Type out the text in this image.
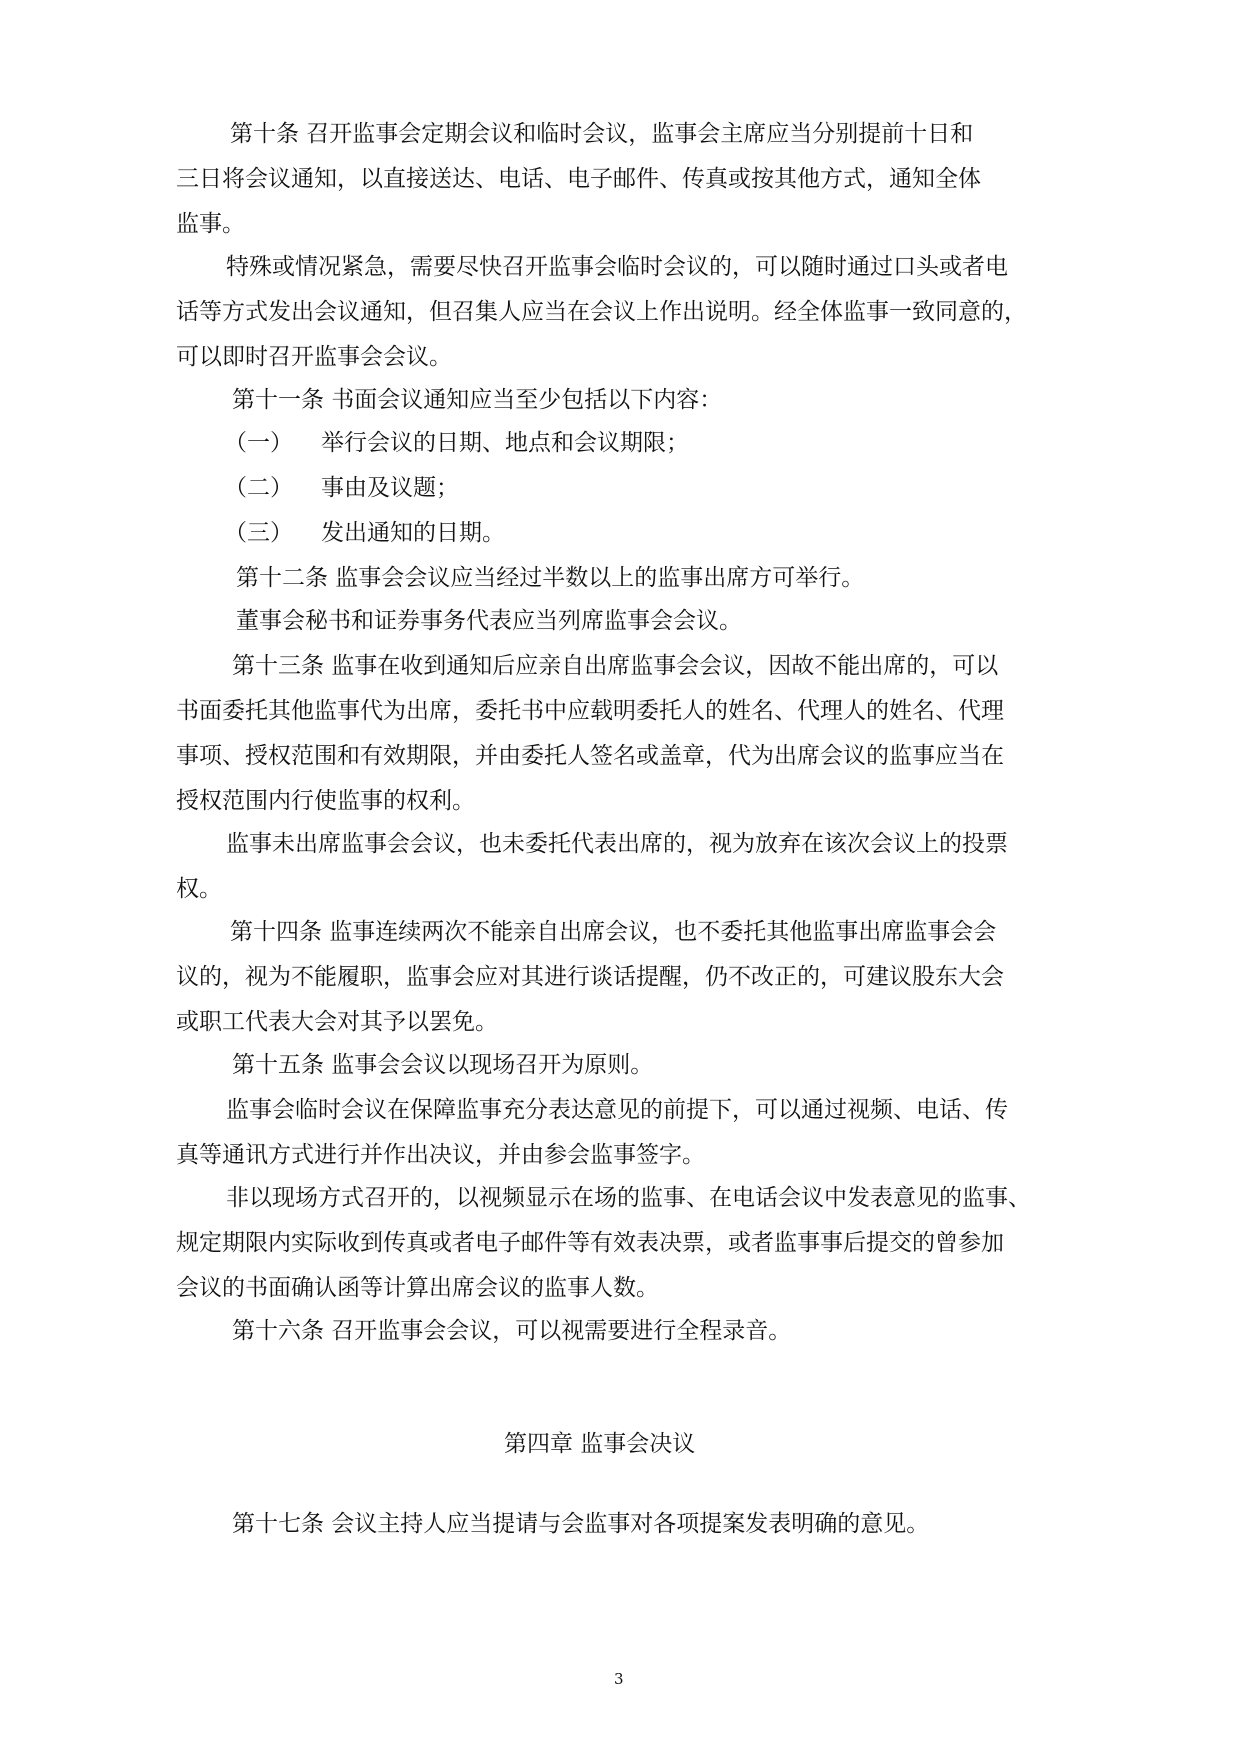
第十条 召开监事会定期会议和临时会议，监事会主席应当分别提前十日和
三日将会议通知，以直接送达、电话、电子邮件、传真或按其他方式，通知全体
监事。
特殊或情况紧急，需要尽快召开监事会临时会议的，可以随时通过口头或者电
话等方式发出会议通知，但召集人应当在会议上作出说明。经全体监事一致同意的，
可以即时召开监事会会议。
第十一条 书面会议通知应当至少包括以下内容：
（一） 举行会议的日期、地点和会议期限；
（二） 事由及议题；
（三） 发出通知的日期。
第十二条 监事会会议应当经过半数以上的监事出席方可举行。
董事会秘书和证券事务代表应当列席监事会会议。
第十三条 监事在收到通知后应亲自出席监事会会议，因故不能出席的，可以
书面委托其他监事代为出席，委托书中应载明委托人的姓名、代理人的姓名、代理
事项、授权范围和有效期限，并由委托人签名或盖章，代为出席会议的监事应当在
授权范围内行使监事的权利。
监事未出席监事会会议，也未委托代表出席的，视为放弃在该次会议上的投票
权。
第十四条 监事连续两次不能亲自出席会议，也不委托其他监事出席监事会会
议的，视为不能履职，监事会应对其进行谈话提醒，仍不改正的，可建议股东大会
或职工代表大会对其予以罢免。
第十五条 监事会会议以现场召开为原则。
监事会临时会议在保障监事充分表达意见的前提下，可以通过视频、电话、传
真等通讯方式进行并作出决议，并由参会监事签字。
非以现场方式召开的，以视频显示在场的监事、在电话会议中发表意见的监事、
规定期限内实际收到传真或者电子邮件等有效表决票，或者监事事后提交的曾参加
会议的书面确认函等计算出席会议的监事人数。
第十六条 召开监事会会议，可以视需要进行全程录音。
第四章 监事会决议
第十七条 会议主持人应当提请与会监事对各项提案发表明确的意见。
3
